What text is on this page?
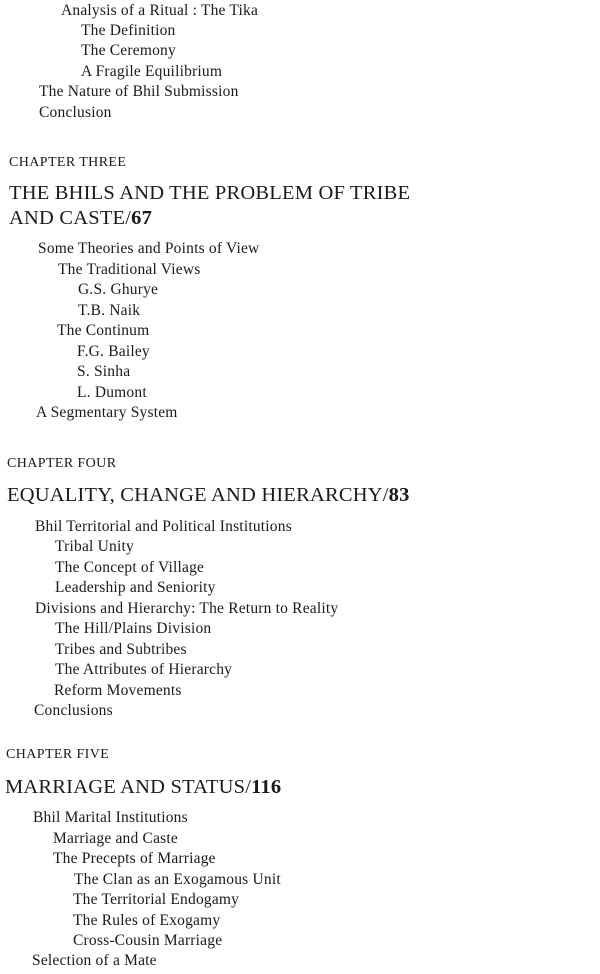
Analysis of a Ritual : The Tika
The Definition
The Ceremony
A Fragile Equilibrium
The Nature of Bhil Submission
Conclusion
CHAPTER THREE
THE BHILS AND THE PROBLEM OF TRIBE
AND CASTE/67
Some Theories and Points of View
The Traditional Views
G.S. Ghurye
T.B. Naik
The Continum
F.G. Bailey
S. Sinha
L. Dumont
A Segmentary System
CHAPTER FOUR
EQUALITY, CHANGE AND HIERARCHY/83
Bhil Territorial and Political Institutions
Tribal Unity
The Concept of Village
Leadership and Seniority
Divisions and Hierarchy: The Return to Reality
The Hill/Plains Division
Tribes and Subtribes
The Attributes of Hierarchy
Reform Movements
Conclusions
CHAPTER FIVE
MARRIAGE AND STATUS/116
Bhil Marital Institutions
Marriage and Caste
The Precepts of Marriage
The Clan as an Exogamous Unit
The Territorial Endogamy
The Rules of Exogamy
Cross-Cousin Marriage
Selection of a Mate
